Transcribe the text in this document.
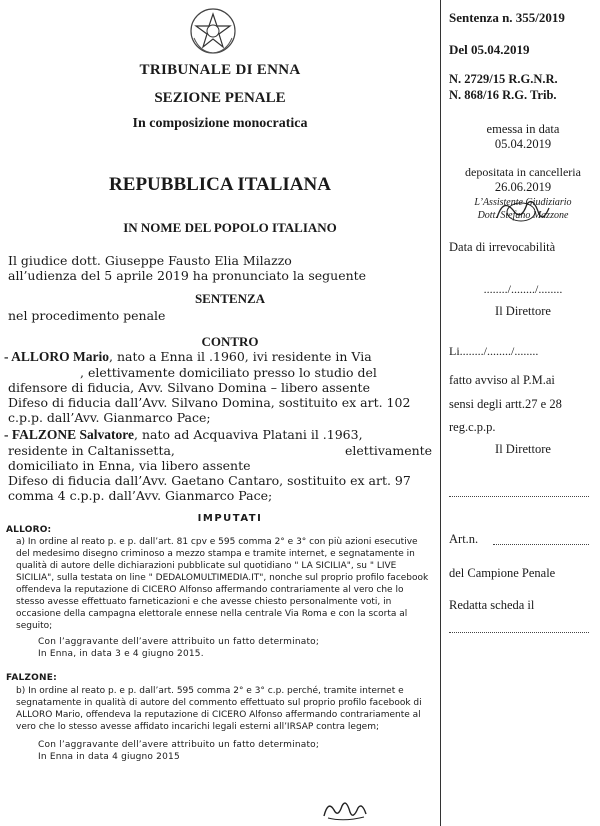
TRIBUNALE DI ENNA
SEZIONE PENALE
In composizione monocratica
REPUBBLICA ITALIANA
IN NOME DEL POPOLO ITALIANO
Il giudice dott. Giuseppe Fausto Elia Milazzo
all’udienza del 5 aprile 2019 ha pronunciato la seguente
SENTENZA
nel procedimento penale
CONTRO
- ALLORO Mario, nato a Enna il .1960, ivi residente in Via
, elettivamente domiciliato presso lo studio del
difensore di fiducia, Avv. Silvano Domina – libero assente
Difeso di fiducia dall’Avv. Silvano Domina, sostituito ex art. 102
c.p.p. dall’Avv. Gianmarco Pace;
- FALZONE Salvatore, nato ad Acquaviva Platani il .1963,
residente in Caltanissetta,	elettivamente
domiciliato in Enna, via libero assente
Difeso di fiducia dall’Avv. Gaetano Cantaro, sostituito ex art. 97
comma 4 c.p.p. dall’Avv. Gianmarco Pace;
IMPUTATI
ALLORO:
a) In ordine al reato p. e p. dall’art. 81 cpv e 595 comma 2° e 3° con più azioni esecutive del medesimo disegno criminoso a mezzo stampa e tramite internet, e segnatamente in qualità di autore delle dichiarazioni pubblicate sul quotidiano " LA SICILIA", su " LIVE SICILIA", sulla testata on line " DEDALOMULTIMEDIA.IT", nonche sul proprio profilo facebook offendeva la reputazione di CICERO Alfonso affermando contrariamente al vero che lo stesso avesse effettuato farneticazioni e che avesse chiesto personalmente voti, in occasione della campagna elettorale ennese nella centrale Via Roma e con la scorta al seguito;
Con l’aggravante dell’avere attribuito un fatto determinato;
In Enna, in data 3 e 4 giugno 2015.
FALZONE:
b) In ordine al reato p. e p. dall’art. 595 comma 2° e 3° c.p. perché, tramite internet e segnatamente in qualità di autore del commento effettuato sul proprio profilo facebook di ALLORO Mario, offendeva la reputazione di CICERO Alfonso affermando contrariamente al vero che lo stesso avesse affidato incarichi legali esterni all’IRSAP contra legem;
Con l’aggravante dell’avere attribuito un fatto determinato;
In Enna in data 4 giugno 2015
Sentenza n. 355/2019
Del 05.04.2019
N. 2729/15 R.G.N.R.
N. 868/16 R.G. Trib.
emessa in data
05.04.2019
depositata in cancelleria
26.06.2019
L’Assistente Giudiziario
Dott. Stefano Mazzone
Data di irrevocabilità
......../......../........
Il Direttore
Li......../......../........
fatto avviso al P.M.ai
sensi degli artt.27 e 28
reg.c.p.p.
Il Direttore
Art.n.
del Campione Penale
Redatta scheda il
